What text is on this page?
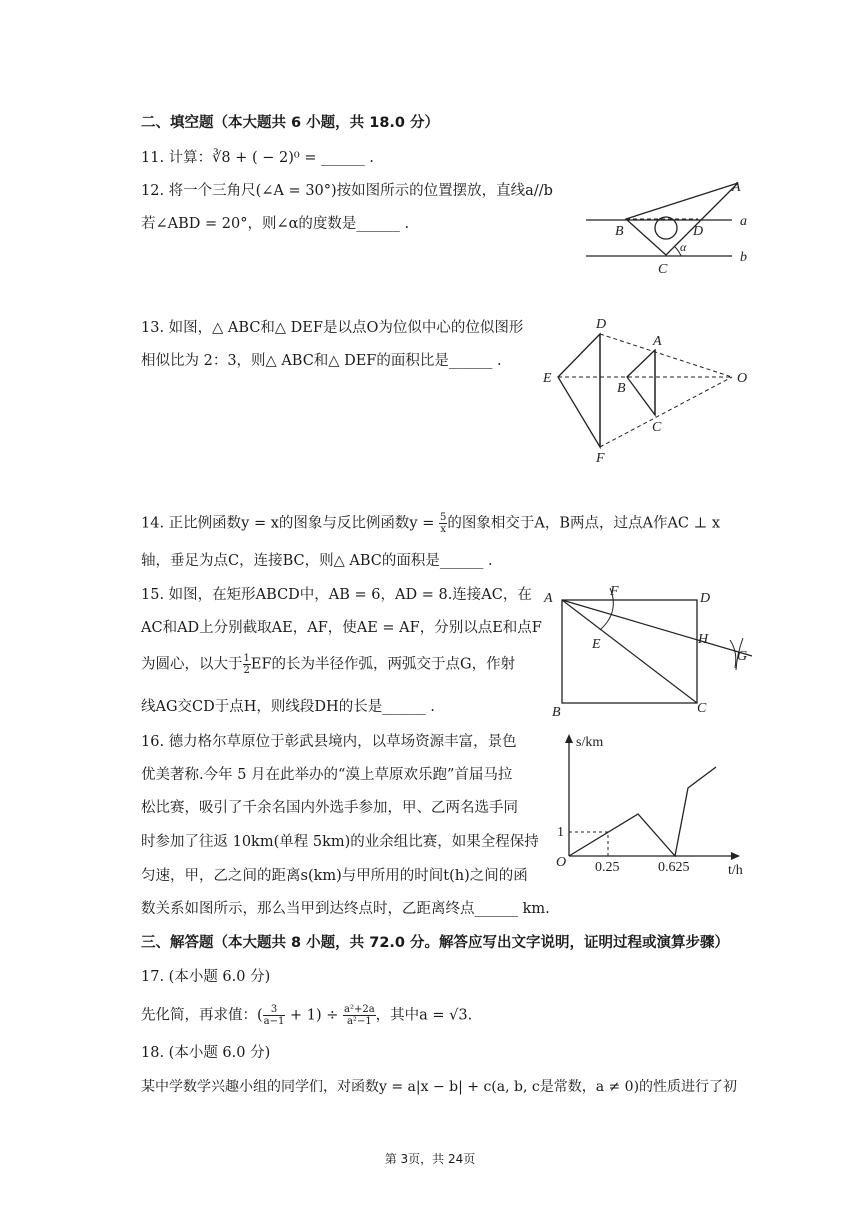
二、填空题（本大题共 6 小题，共 18.0 分）
11. 计算：∛8 + ( − 2)⁰ = ______ .
12. 将一个三角尺(∠A = 30°)按如图所示的位置摆放，直线a//b
若∠ABD = 20°，则∠α的度数是______ .
A
B	D
C
a
b
α
13. 如图，△ ABC和△ DEF是以点O为位似中心的位似图形
相似比为 2：3，则△ ABC和△ DEF的面积比是______ .
D
A
E
B
O
C
F
14. 正比例函数y = x的图象与反比例函数$y = \frac{5}{x}$ 的图象相交于A，B两点，过点A作AC ⊥ x
轴，垂足为点C，连接BC，则△ ABC的面积是______ .
15. 如图，在矩形ABCD中，AB = 6，AD = 8.连接AC，在
AC和AD上分别截取AE，AF，使AE = AF，分别以点E和点F
为圆心，以大于 $\frac{1}{2}$ EF的长为半径作弧，两弧交于点G，作射
线AG交CD于点H，则线段DH的长是______ .
A	F	D
E	H
G
B	C
16. 德力格尔草原位于彰武县境内，以草场资源丰富，景色
优美著称.今年 5 月在此举办的“漠上草原欢乐跑”首届马拉
松比赛，吸引了千余名国内外选手参加，甲、乙两名选手同
时参加了往返 10km(单程 5km)的业余组比赛，如果全程保持
匀速，甲，乙之间的距离s(km)与甲所用的时间t(h)之间的函
数关系如图所示，那么当甲到达终点时，乙距离终点______ km.
s/km
t/h
O
1
0.25	0.625
三、解答题（本大题共 8 小题，共 72.0 分。解答应写出文字说明，证明过程或演算步骤）
17. (本小题 6.0 分)
先化简，再求值：( $\frac{3}{a-1} + 1) \div \frac{\text{a²+2a}}{\text{a²−1}}$ ，其中a = √3.
18. (本小题 6.0 分)
某中学数学兴趣小组的同学们，对函数y = a|x − b| + c(a, b, c是常数，a ≠ 0)的性质进行了初
第 3页，共 24页
